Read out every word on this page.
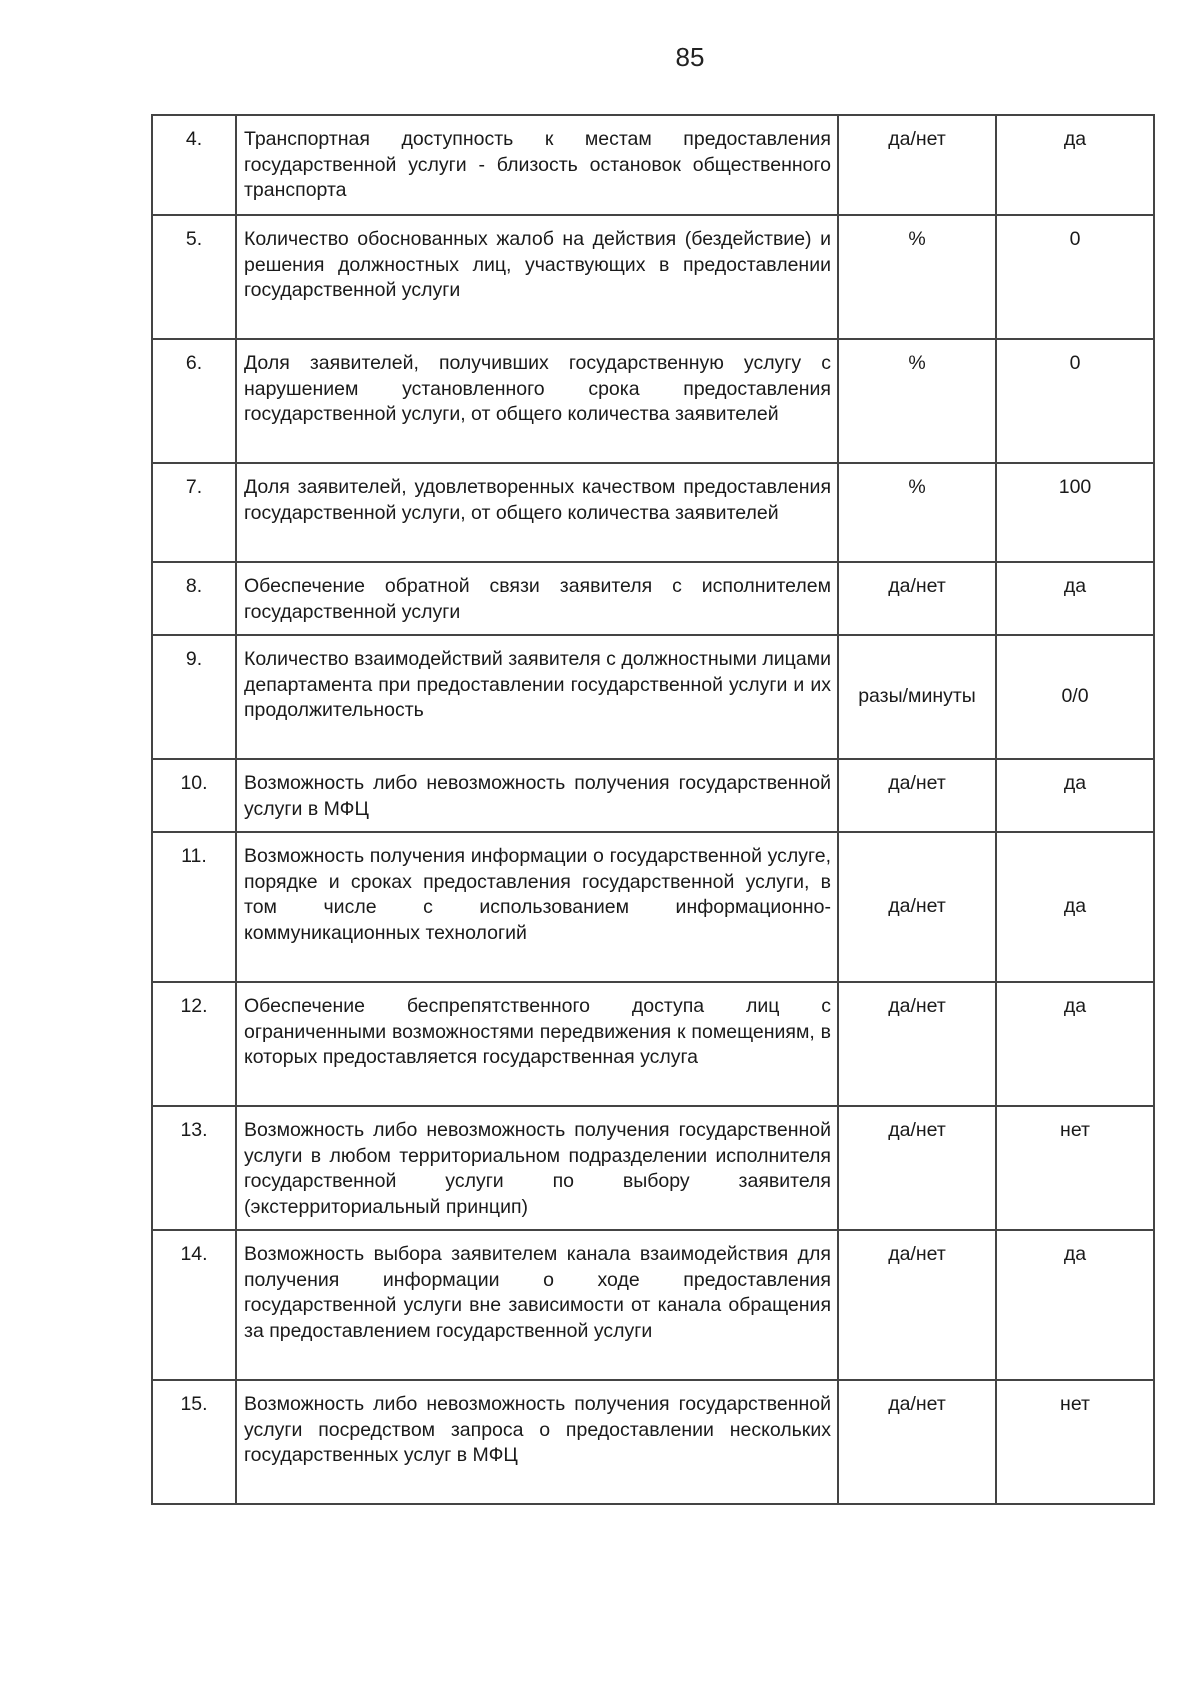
85
4.	Транспортная доступность к местам предоставления государственной услуги - близость остановок общественного транспорта	да/нет	да
5.	Количество обоснованных жалоб на действия (бездействие) и решения должностных лиц, участвующих в предоставлении государственной услуги	%	0
6.	Доля заявителей, получивших государственную услугу с нарушением установленного срока предоставления государственной услуги, от общего количества заявителей	%	0
7.	Доля заявителей, удовлетворенных качеством предоставления государственной услуги, от общего количества заявителей	%	100
8.	Обеспечение обратной связи заявителя с исполнителем государственной услуги	да/нет	да
9.	Количество взаимодействий заявителя с должностными лицами департамента при предоставлении государственной услуги и их продолжительность	разы/минуты	0/0
10.	Возможность либо невозможность получения государственной услуги в МФЦ	да/нет	да
11.	Возможность получения информации о государственной услуге, порядке и сроках предоставления государственной услуги, в том числе с использованием информационно-коммуникационных технологий	да/нет	да
12.	Обеспечение беспрепятственного доступа лиц с ограниченными возможностями передвижения к помещениям, в которых предоставляется государственная услуга	да/нет	да
13.	Возможность либо невозможность получения государственной услуги в любом территориальном подразделении исполнителя государственной услуги по выбору заявителя (экстерриториальный принцип)	да/нет	нет
14.	Возможность выбора заявителем канала взаимодействия для получения информации о ходе предоставления государственной услуги вне зависимости от канала обращения за предоставлением государственной услуги	да/нет	да
15.	Возможность либо невозможность получения государственной услуги посредством запроса о предоставлении нескольких государственных услуг в МФЦ	да/нет	нет
